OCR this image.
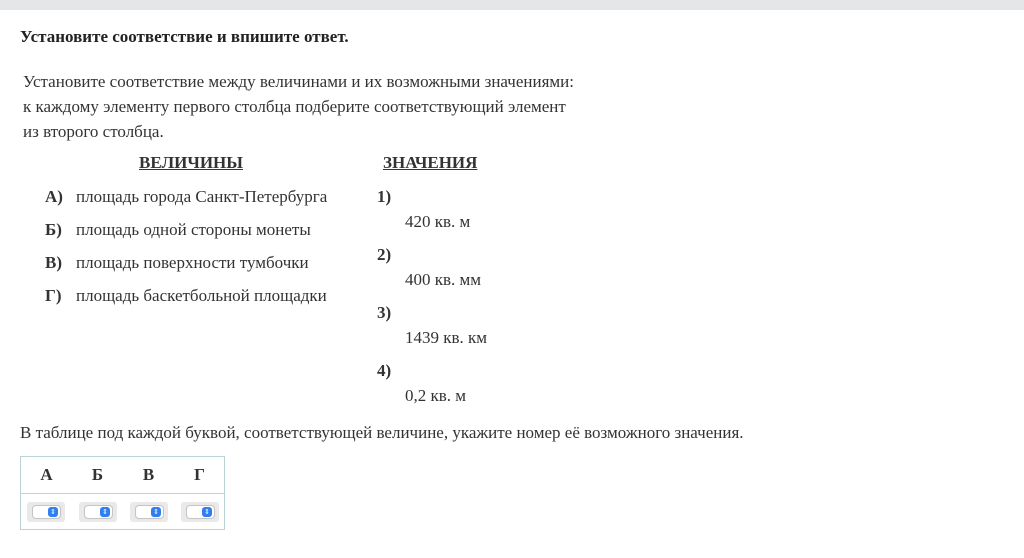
Установите соответствие и впишите ответ.
Установите соответствие между величинами и их возможными значениями:
к каждому элементу первого столбца подберите соответствующий элемент
из второго столбца.
ВЕЛИЧИНЫ	ЗНАЧЕНИЯ
А) площадь города Санкт-Петербурга
Б) площадь одной стороны монеты
В) площадь поверхности тумбочки
Г) площадь баскетбольной площадки
1)
420 кв. м
2)
400 кв. мм
3)
1439 кв. км
4)
0,2 кв. м
В таблице под каждой буквой, соответствующей величине, укажите номер её возможного значения.
А	Б	В	Г
⇕	⇕	⇕	⇕
